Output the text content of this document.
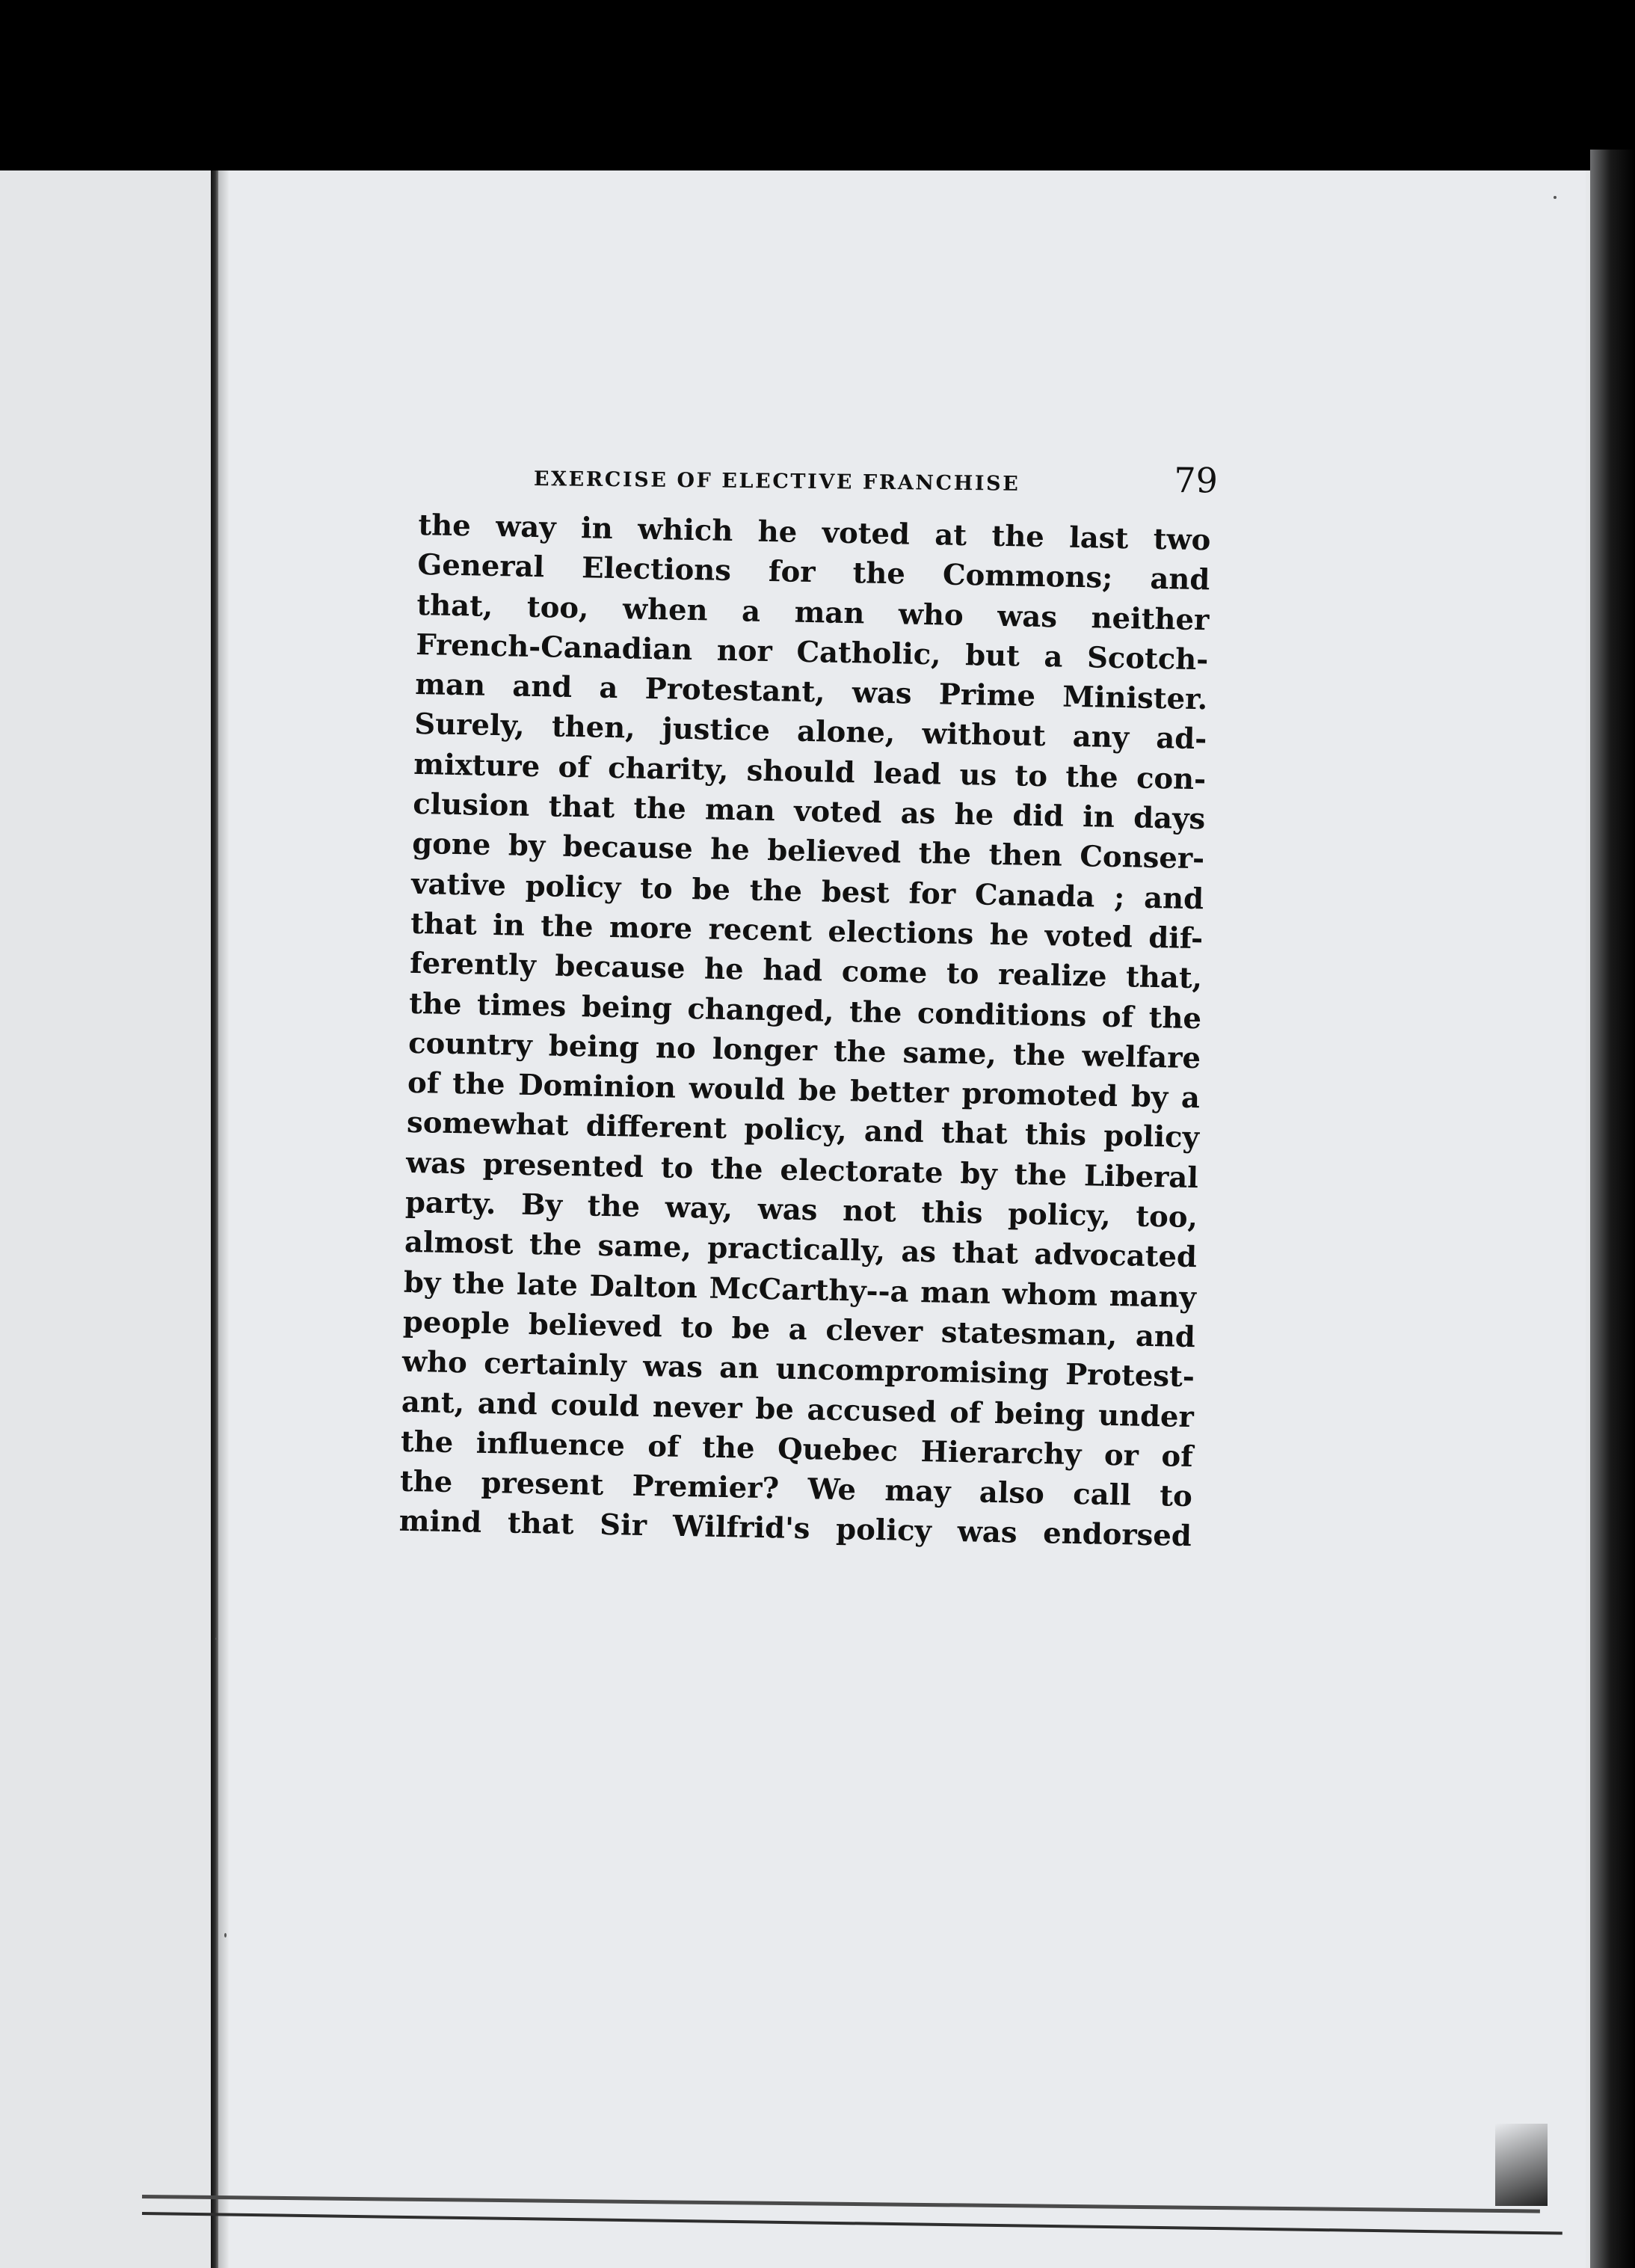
EXERCISE OF ELECTIVE FRANCHISE	79
the way in which he voted at the last two
General Elections for the Commons; and
that, too, when a man who was neither
French-Canadian nor Catholic, but a Scotch-
man and a Protestant, was Prime Minister.
Surely, then, justice alone, without any ad-
mixture of charity, should lead us to the con-
clusion that the man voted as he did in days
gone by because he believed the then Conser-
vative policy to be the best for Canada ; and
that in the more recent elections he voted dif-
ferently because he had come to realize that,
the times being changed, the conditions of the
country being no longer the same, the welfare
of the Dominion would be better promoted by a
somewhat different policy, and that this policy
was presented to the electorate by the Liberal
party. By the way, was not this policy, too,
almost the same, practically, as that advocated
by the late Dalton McCarthy--a man whom many
people believed to be a clever statesman, and
who certainly was an uncompromising Protest-
ant, and could never be accused of being under
the influence of the Quebec Hierarchy or of
the present Premier? We may also call to
mind that Sir Wilfrid's policy was endorsed
